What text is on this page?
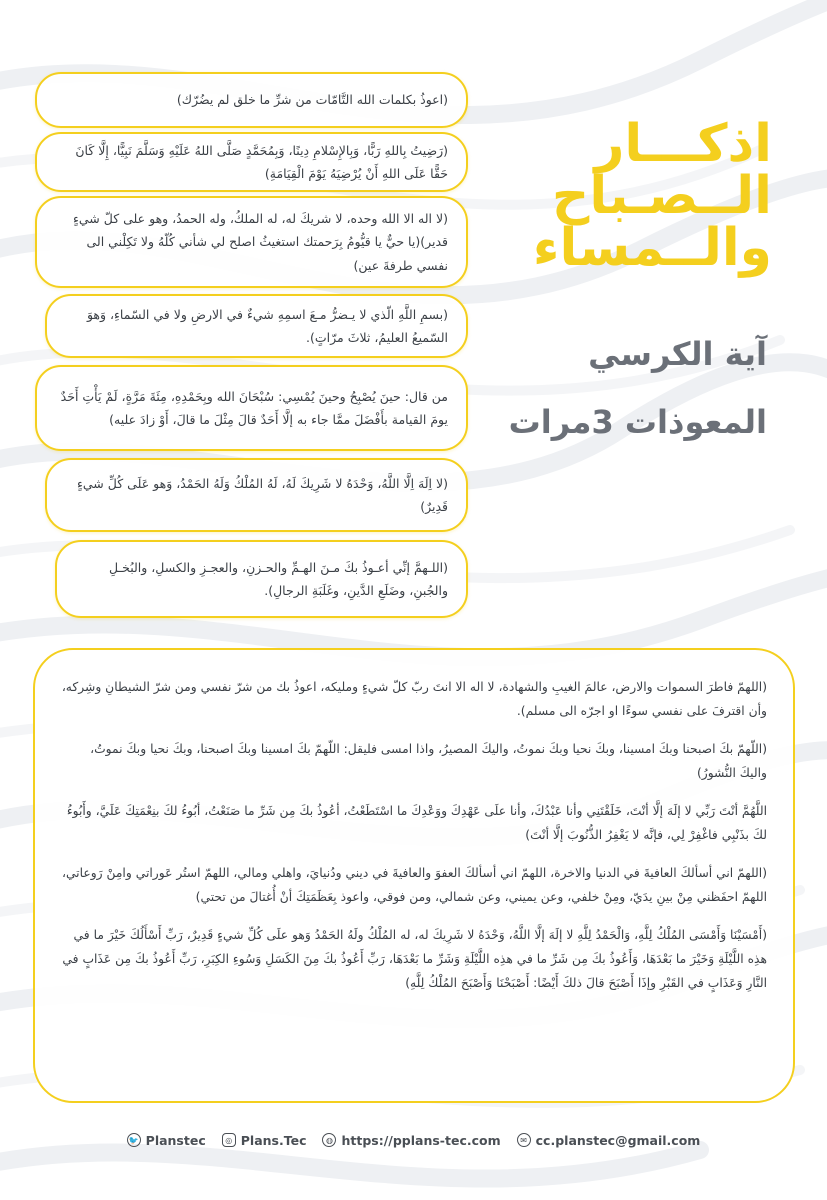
اذكـــار
الــصـباح
والــمساء
آية الكرسي
المعوذات 3مرات
(اعوذُ بكلمات الله التَّامّات من شرِّ ما خلق لم يضُرّك)
(رَضِيتُ بِاللهِ رَبًّا، وَبِالإِسْلامِ دِينًا، وَبِمُحَمَّدٍ صَلَّى اللهُ عَلَيْهِ وَسَلَّمَ نَبِيًّا، إِلَّا كَانَ حَقًّا عَلَى اللهِ أَنْ يُرْضِيَهُ يَوْمَ الْقِيَامَةِ)
(لا اله الا الله وحده، لا شريكَ له، له الملكُ، وله الحمدُ، وهو على كلّ شيءٍ قدير)(يا حيٌّ يا قيُّومُ بِرَحمتك استغيثُ اصلح لي شأني كُلّهُ ولا تَكِلْني الى نفسي طرفةَ عين)
(بسمِ اللَّهِ الّذي لا يـضرُّ مـعَ اسمِهِ شيءٌ في الارضِ ولا في السّماءِ، وَهوَ السّميعُ العليمُ، ثلاثَ مرّاتٍ).
من قال: حينَ يُصْبِحُ وحينَ يُمْسِي: سُبْحَانَ الله وبِحَمْدِهِ، مِئَةَ مَرَّةٍ، لَمْ يَأْتِ أَحَدٌ يومَ القيامة بأَفْضَلَ ممَّا جاء به إلَّا أَحَدٌ قالَ مِثْلَ ما قالَ، أَوْ زادَ عليه)
(لا اِلَهَ اِلَّا اللَّهُ، وَحْدَهُ لا شَرِيكَ لَهُ، لَهُ المُلْكُ وَلَهُ الحَمْدُ، وَهو عَلَى كُلِّ شيءٍ قَدِيرٌ)
(اللـهمَّ إنِّي أعـوذُ بكَ مـنَ الهـمِّ والحـزنِ، والعجـزِ والكسلِ، والبُخـلِ والجُبنِ، وضَلَعِ الدَّينِ، وغَلَبَةِ الرجالِ).

(اللهمّ فاطرَ السموات والارض، عالمَ الغيبِ والشهادة، لا اله الا انتَ ربّ كلّ شيءٍ ومليكه، اعوذُ بك من شرّ نفسي ومن شرّ الشيطانِ وشِركه، وأن اقترفَ على نفسي سوءًا او اجرّه الى مسلم).

(اللّهمّ بكَ اصبحنا وبكَ امسينا، وبكَ نحيا وبكَ نموتُ، واليكَ المصيرُ، واذا امسى فليقل: اللّهمّ بكَ امسينا وبكَ اصبحنا، وبكَ نحيا وبكَ نموتُ، واليكَ النُّشورُ)

اللَّهُمَّ أنْتَ رَبِّي لا إلَهَ إلَّا أنْتَ، خَلَقْتَنِي وأنا عَبْدُكَ، وأنا علَى عَهْدِكَ ووَعْدِكَ ما اسْتَطَعْتُ، أعُوذُ بكَ مِن شَرِّ ما صَنَعْتُ، أبُوءُ لكَ بنِعْمَتِكَ عَلَيَّ، وأَبُوءُ لكَ بذَنْبِي فاغْفِرْ لِي، فإنَّه لا يَغْفِرُ الذُّنُوبَ إلَّا أنْتَ)

(اللهمّ اني أسألكَ العافيةَ في الدنيا والاخرة، اللهمّ اني أسألكَ العفوَ والعافيةَ في ديني ودُنيايَ، واهلي ومالي، اللهمّ استُر عَوراتي وامِنْ رَوعاتي، اللهمّ احفَظني مِنْ بينِ يدَيّ، ومِنْ خلفي، وعن يميني، وعن شمالي، ومن فوقي، واعوذ بِعَظَمَتِكَ أنْ أُغتالَ من تحتي)

(أَمْسَيْنَا وَأَمْسَى المُلْكُ لِلَّهِ، وَالْحَمْدُ لِلَّهِ لا إلَهَ إلَّا اللَّهُ، وَحْدَهُ لا شَرِيكَ له، له المُلْكُ ولَهُ الحَمْدُ وَهو علَى كُلِّ شيءٍ قَدِيرٌ، رَبِّ أَسْأَلُكَ خَيْرَ ما في هذِه اللَّيْلَةِ وَخَيْرَ ما بَعْدَهَا، وَأَعُوذُ بكَ مِن شَرِّ ما في هذِه اللَّيْلَةِ وَشَرِّ ما بَعْدَهَا، رَبِّ أَعُوذُ بكَ مِنَ الكَسَلِ وَسُوءِ الكِبَرِ، رَبِّ أَعُوذُ بكَ مِن عَذَابٍ في النَّارِ وَعَذَابٍ في القَبْرِ وإذَا أَصْبَحَ قالَ ذلكَ أَيْضًا: أَصْبَحْنَا وَأَصْبَحَ المُلْكُ لِلَّهِ)

🐦 Planstec	◎ Plans.Tec	◍ https://pplans-tec.com	✉ cc.planstec@gmail.com
